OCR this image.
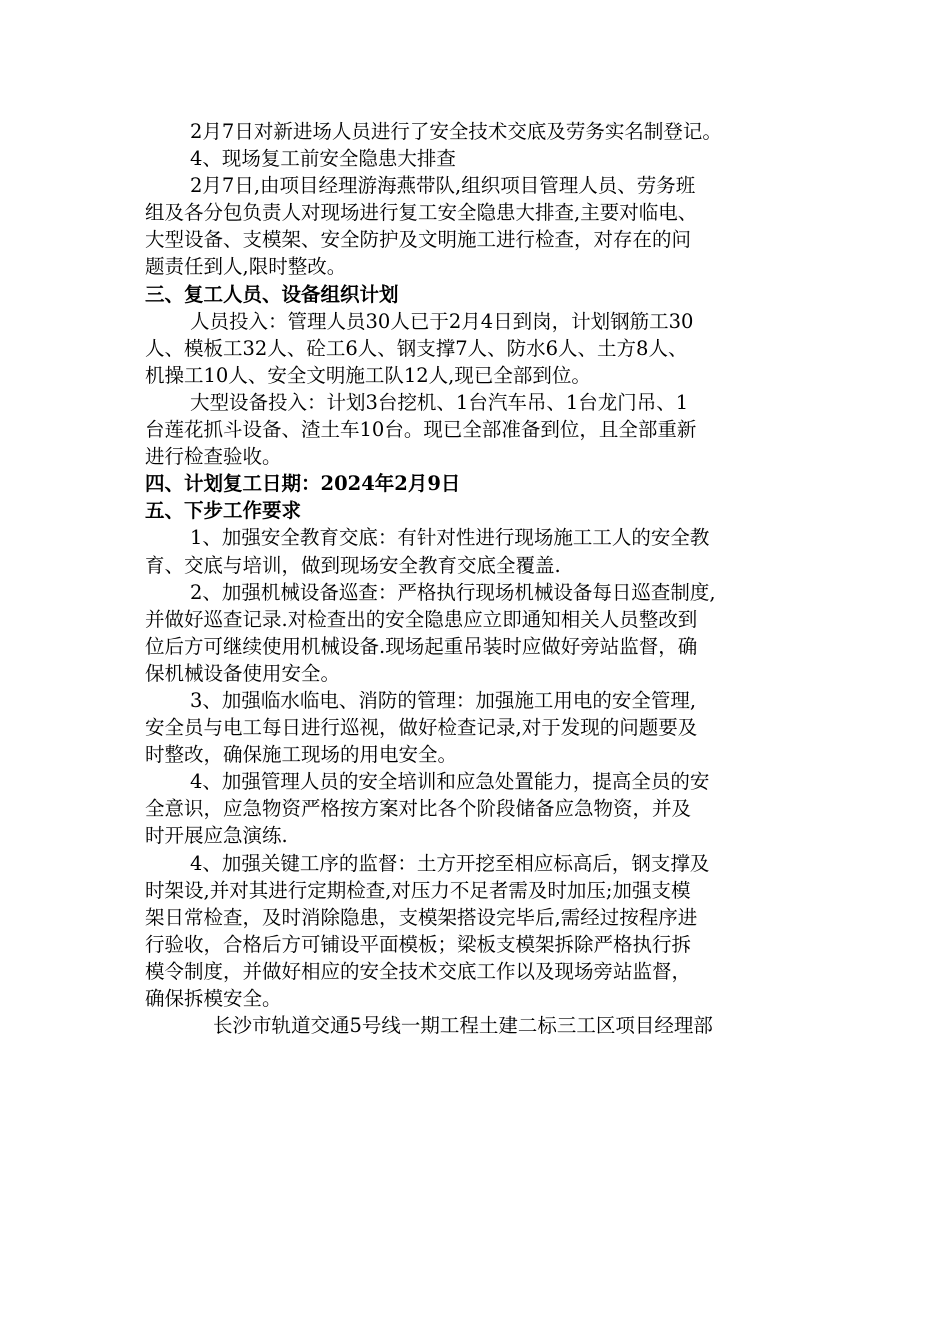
2月7日对新进场人员进行了安全技术交底及劳务实名制登记。
4、现场复工前安全隐患大排查
2月7日,由项目经理游海燕带队,组织项目管理人员、劳务班
组及各分包负责人对现场进行复工安全隐患大排查,主要对临电、
大型设备、支模架、安全防护及文明施工进行检查，对存在的问
题责任到人,限时整改。
三、复工人员、设备组织计划
人员投入：管理人员30人已于2月4日到岗，计划钢筋工30
人、模板工32人、砼工6人、钢支撑7人、防水6人、土方8人、
机操工10人、安全文明施工队12人,现已全部到位。
大型设备投入：计划3台挖机、1台汽车吊、1台龙门吊、1
台莲花抓斗设备、渣土车10台。现已全部准备到位，且全部重新
进行检查验收。
四、计划复工日期：2024年2月9日
五、下步工作要求
1、加强安全教育交底：有针对性进行现场施工工人的安全教
育、交底与培训，做到现场安全教育交底全覆盖.
2、加强机械设备巡查：严格执行现场机械设备每日巡查制度,
并做好巡查记录.对检查出的安全隐患应立即通知相关人员整改到
位后方可继续使用机械设备.现场起重吊装时应做好旁站监督，确
保机械设备使用安全。
3、加强临水临电、消防的管理：加强施工用电的安全管理,
安全员与电工每日进行巡视，做好检查记录,对于发现的问题要及
时整改，确保施工现场的用电安全。
4、加强管理人员的安全培训和应急处置能力，提高全员的安
全意识，应急物资严格按方案对比各个阶段储备应急物资，并及
时开展应急演练.
4、加强关键工序的监督：土方开挖至相应标高后，钢支撑及
时架设,并对其进行定期检查,对压力不足者需及时加压;加强支模
架日常检查，及时消除隐患，支模架搭设完毕后,需经过按程序进
行验收，合格后方可铺设平面模板；梁板支模架拆除严格执行拆
模令制度，并做好相应的安全技术交底工作以及现场旁站监督，
确保拆模安全。
长沙市轨道交通5号线一期工程土建二标三工区项目经理部
